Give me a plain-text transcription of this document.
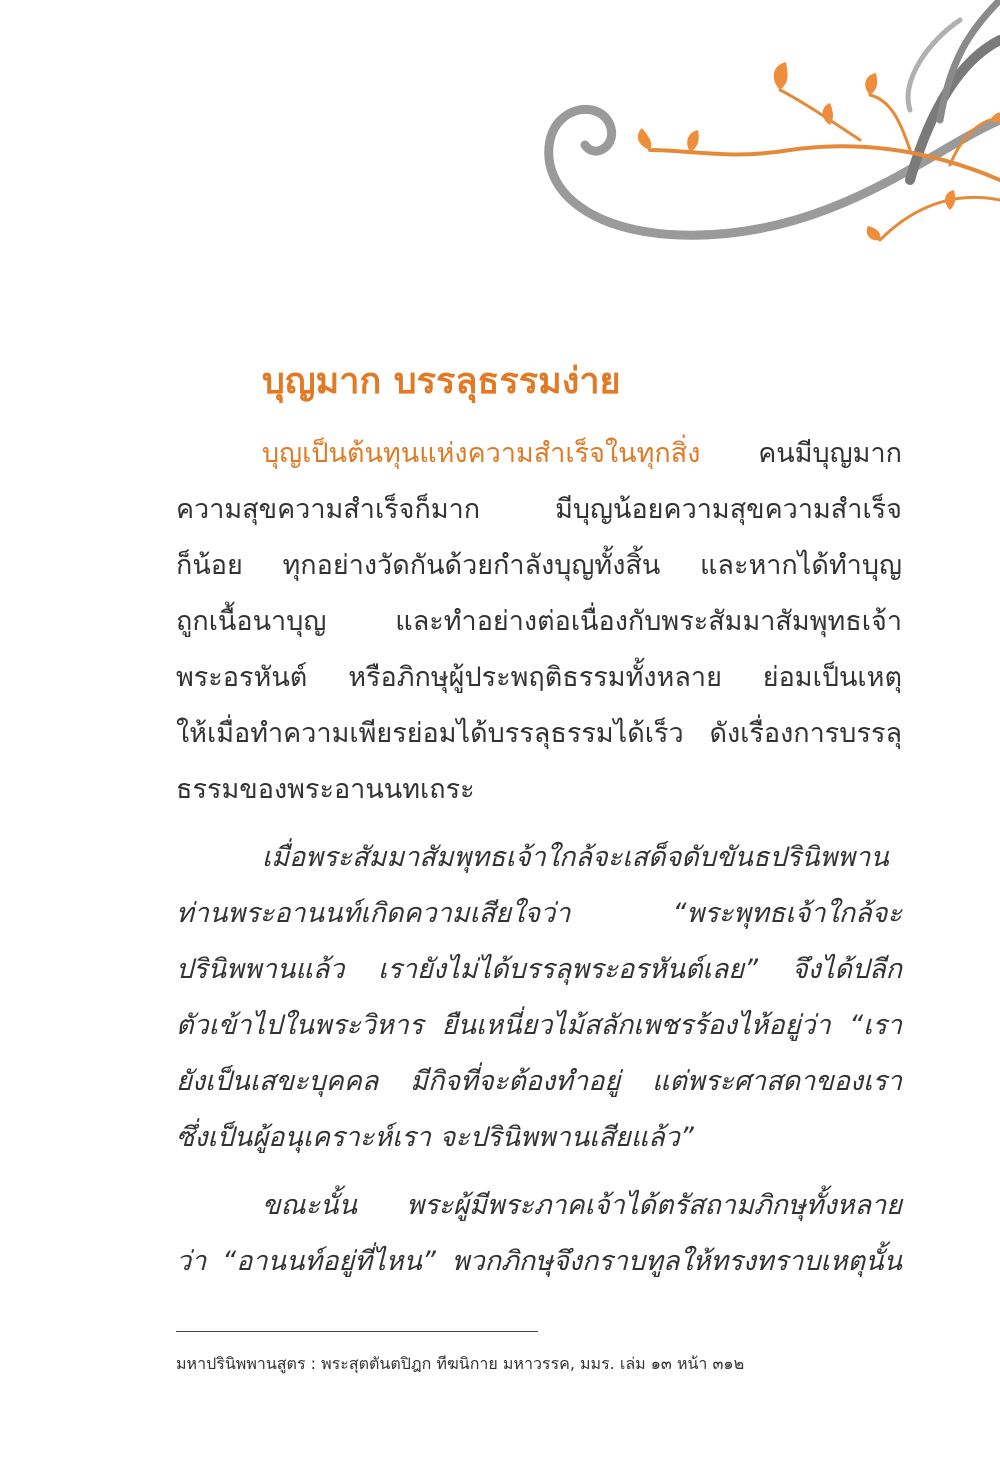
บุญมาก บรรลุธรรมง่าย
บุญเป็นต้นทุนแห่งความสำเร็จในทุกสิ่ง คนมีบุญมาก
ความสุขความสำเร็จก็มาก มีบุญน้อยความสุขความสำเร็จ
ก็น้อย ทุกอย่างวัดกันด้วยกำลังบุญทั้งสิ้น และหากได้ทำบุญ
ถูกเนื้อนาบุญ และทำอย่างต่อเนื่องกับพระสัมมาสัมพุทธเจ้า
พระอรหันต์ หรือภิกษุผู้ประพฤติธรรมทั้งหลาย ย่อมเป็นเหตุ
ให้เมื่อทำความเพียรย่อมได้บรรลุธรรมได้เร็ว ดังเรื่องการบรรลุ
ธรรมของพระอานนทเถระ
เมื่อพระสัมมาสัมพุทธเจ้าใกล้จะเสด็จดับขันธปรินิพพาน
ท่านพระอานนท์เกิดความเสียใจว่า “พระพุทธเจ้าใกล้จะ
ปรินิพพานแล้ว เรายังไม่ได้บรรลุพระอรหันต์เลย” จึงได้ปลีก
ตัวเข้าไปในพระวิหาร ยืนเหนี่ยวไม้สลักเพชรร้องไห้อยู่ว่า “เรา
ยังเป็นเสขะบุคคล มีกิจที่จะต้องทำอยู่ แต่พระศาสดาของเรา
ซึ่งเป็นผู้อนุเคราะห์เรา จะปรินิพพานเสียแล้ว”
ขณะนั้น พระผู้มีพระภาคเจ้าได้ตรัสถามภิกษุทั้งหลาย
ว่า “อานนท์อยู่ที่ไหน” พวกภิกษุจึงกราบทูลให้ทรงทราบเหตุนั้น
มหาปรินิพพานสูตร : พระสุตตันตปิฎก ทีฆนิกาย มหาวรรค, มมร. เล่ม ๑๓ หน้า ๓๑๒
